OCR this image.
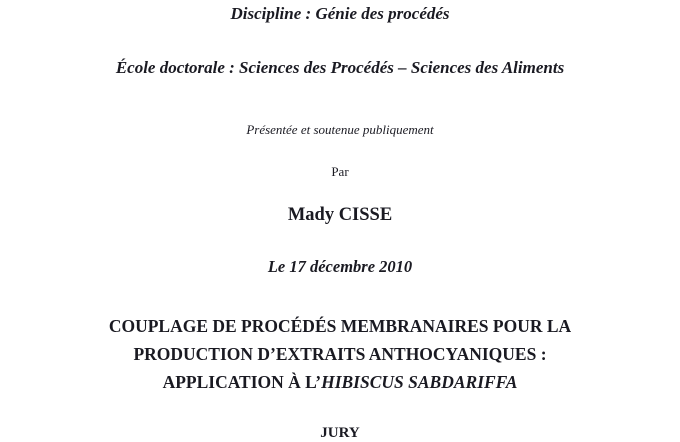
Discipline : Génie des procédés
École doctorale : Sciences des Procédés – Sciences des Aliments
Présentée et soutenue publiquement
Par
Mady CISSE
Le 17 décembre 2010
COUPLAGE DE PROCÉDÉS MEMBRANAIRES POUR LA
PRODUCTION D’EXTRAITS ANTHOCYANIQUES :
APPLICATION À L’HIBISCUS SABDARIFFA
JURY
